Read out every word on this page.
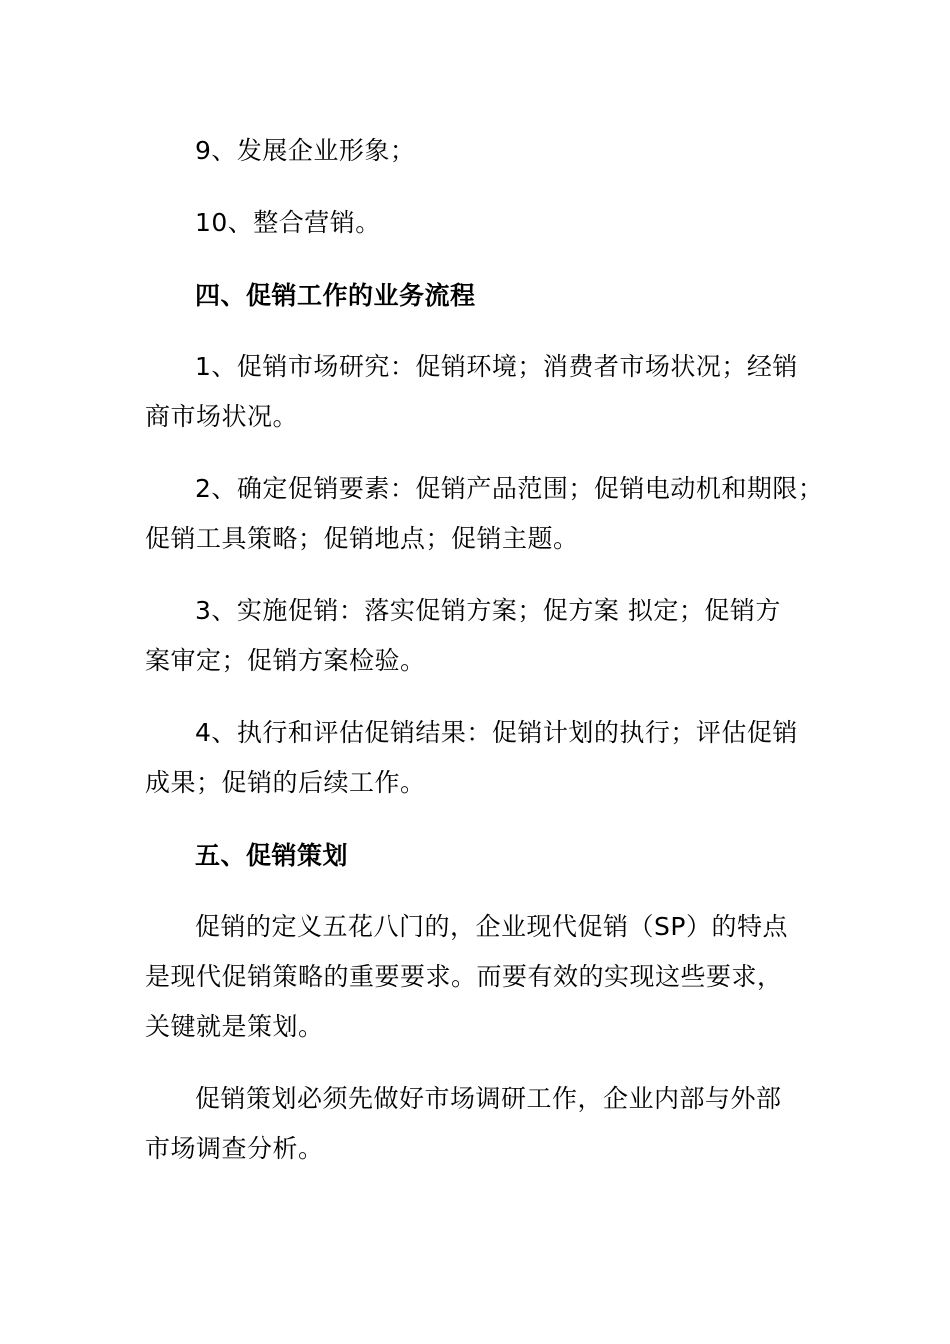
9、发展企业形象；
10、整合营销。
四、促销工作的业务流程
1、促销市场研究：促销环境；消费者市场状况；经销
商市场状况。
2、确定促销要素：促销产品范围；促销电动机和期限；
促销工具策略；促销地点；促销主题。
3、实施促销：落实促销方案；促方案 拟定；促销方
案审定；促销方案检验。
4、执行和评估促销结果：促销计划的执行；评估促销
成果；促销的后续工作。
五、促销策划
促销的定义五花八门的，企业现代促销（SP）的特点
是现代促销策略的重要要求。而要有效的实现这些要求，
关键就是策划。
促销策划必须先做好市场调研工作，企业内部与外部
市场调查分析。
